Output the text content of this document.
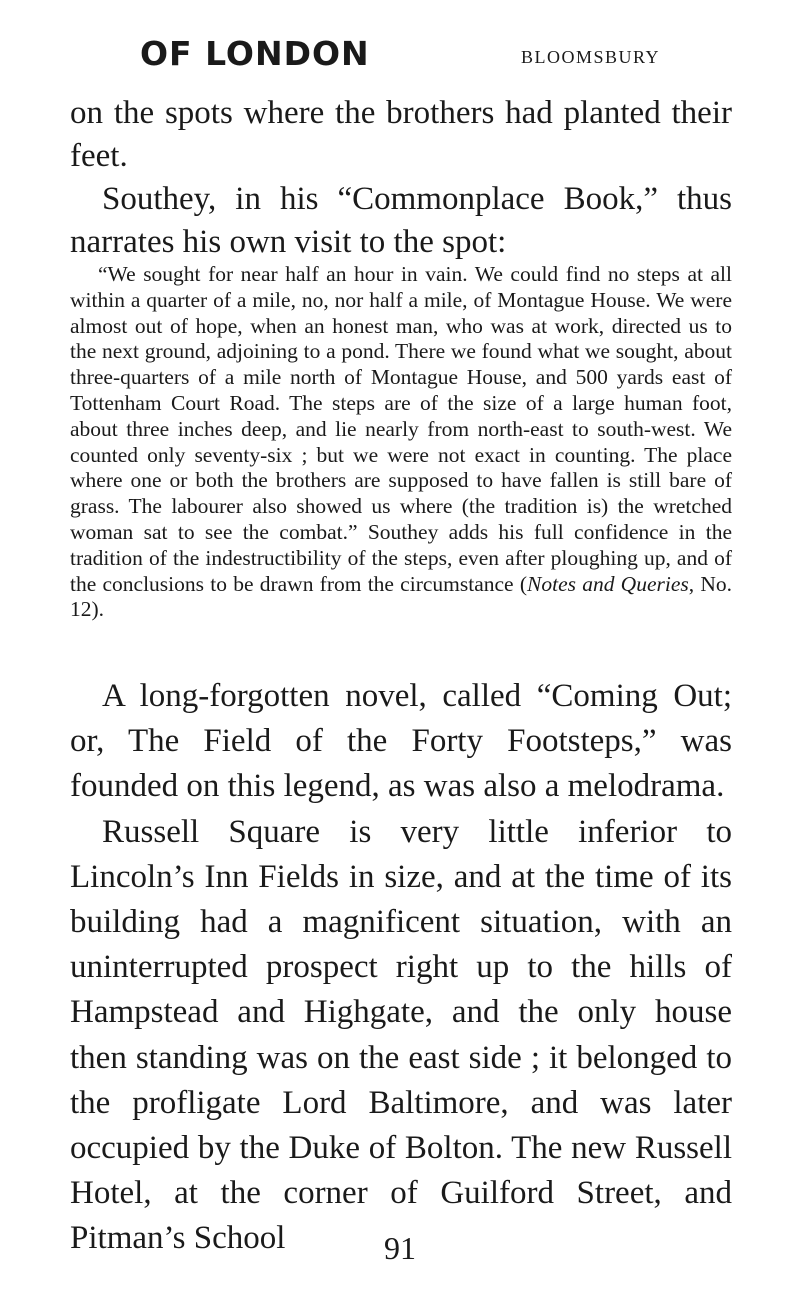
OF LONDON	BLOOMSBURY

on the spots where the brothers had planted their feet.

Southey, in his “Commonplace Book,” thus narrates his own visit to the spot:

“We sought for near half an hour in vain. We could find no steps at all within a quarter of a mile, no, nor half a mile, of Montague House. We were almost out of hope, when an honest man, who was at work, directed us to the next ground, adjoining to a pond. There we found what we sought, about three-quarters of a mile north of Montague House, and 500 yards east of Tottenham Court Road. The steps are of the size of a large human foot, about three inches deep, and lie nearly from north-east to south-west. We counted only seventy-six ; but we were not exact in counting. The place where one or both the brothers are supposed to have fallen is still bare of grass. The labourer also showed us where (the tradition is) the wretched woman sat to see the combat.” Southey adds his full confidence in the tradition of the indestructibility of the steps, even after ploughing up, and of the conclusions to be drawn from the circumstance (Notes and Queries, No. 12).

A long-forgotten novel, called “Coming Out; or, The Field of the Forty Footsteps,” was founded on this legend, as was also a melodrama.

Russell Square is very little inferior to Lincoln’s Inn Fields in size, and at the time of its building had a magnificent situation, with an uninterrupted prospect right up to the hills of Hampstead and Highgate, and the only house then standing was on the east side ; it belonged to the profligate Lord Baltimore, and was later occupied by the Duke of Bolton. The new Russell Hotel, at the corner of Guilford Street, and Pitman’s School	91
